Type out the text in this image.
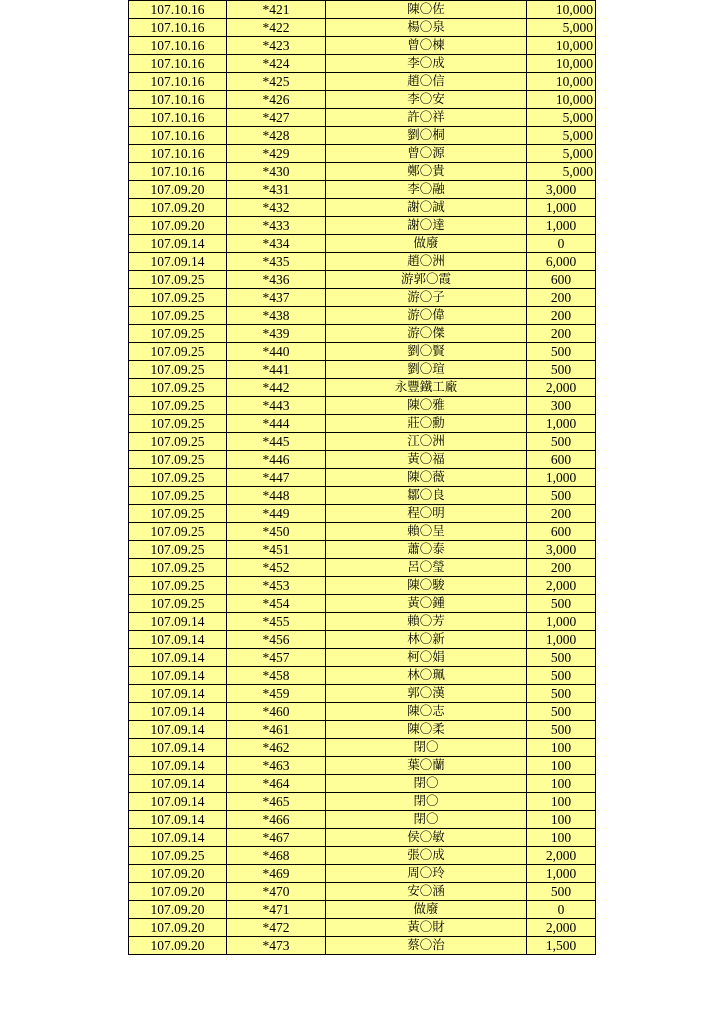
107.10.16	*421	陳〇佐	10,000
107.10.16	*422	楊〇泉	5,000
107.10.16	*423	曾〇楝	10,000
107.10.16	*424	李〇成	10,000
107.10.16	*425	趙〇信	10,000
107.10.16	*426	李〇安	10,000
107.10.16	*427	許〇祥	5,000
107.10.16	*428	劉〇桐	5,000
107.10.16	*429	曾〇源	5,000
107.10.16	*430	鄭〇貴	5,000
107.09.20	*431	李〇融	3,000
107.09.20	*432	謝〇誠	1,000
107.09.20	*433	謝〇達	1,000
107.09.14	*434	做廢	0
107.09.14	*435	趙〇洲	6,000
107.09.25	*436	游郭〇霞	600
107.09.25	*437	游〇子	200
107.09.25	*438	游〇偉	200
107.09.25	*439	游〇傑	200
107.09.25	*440	劉〇賢	500
107.09.25	*441	劉〇瑄	500
107.09.25	*442	永豐鐵工廠	2,000
107.09.25	*443	陳〇雅	300
107.09.25	*444	莊〇勳	1,000
107.09.25	*445	江〇洲	500
107.09.25	*446	黃〇福	600
107.09.25	*447	陳〇薇	1,000
107.09.25	*448	鄒〇良	500
107.09.25	*449	程〇明	200
107.09.25	*450	賴〇呈	600
107.09.25	*451	蕭〇泰	3,000
107.09.25	*452	呂〇瑩	200
107.09.25	*453	陳〇駿	2,000
107.09.25	*454	黃〇鍾	500
107.09.14	*455	賴〇芳	1,000
107.09.14	*456	林〇新	1,000
107.09.14	*457	柯〇娟	500
107.09.14	*458	林〇珮	500
107.09.14	*459	郭〇漢	500
107.09.14	*460	陳〇志	500
107.09.14	*461	陳〇柔	500
107.09.14	*462	閉〇	100
107.09.14	*463	葉〇蘭	100
107.09.14	*464	閉〇	100
107.09.14	*465	閉〇	100
107.09.14	*466	閉〇	100
107.09.14	*467	侯〇敏	100
107.09.25	*468	張〇成	2,000
107.09.20	*469	周〇玲	1,000
107.09.20	*470	安〇涵	500
107.09.20	*471	做廢	0
107.09.20	*472	黃〇財	2,000
107.09.20	*473	蔡〇治	1,500
